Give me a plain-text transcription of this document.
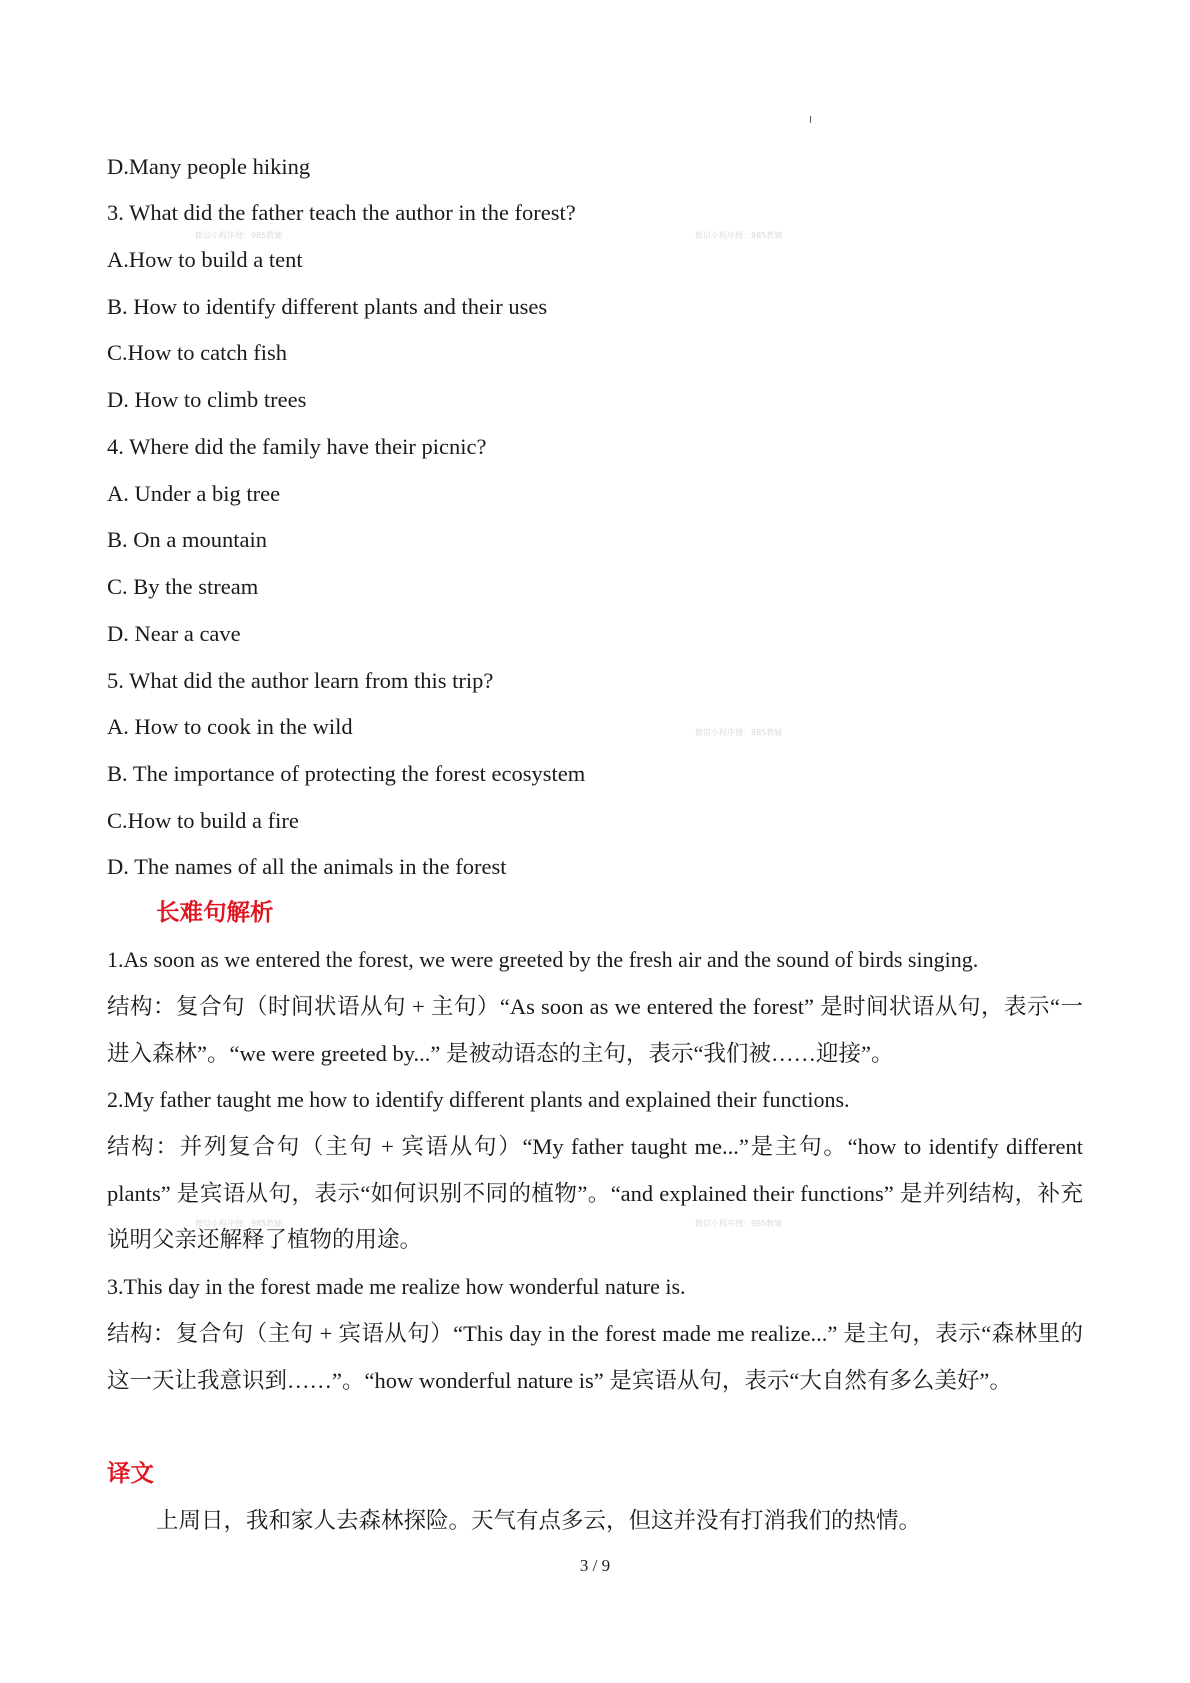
微信小程序搜：985教辅	微信小程序搜：985教辅
微信小程序搜：985教辅
微信小程序搜：985教辅	微信小程序搜：985教辅
D.Many people hiking
3. What did the father teach the author in the forest?
A.How to build a tent
B. How to identify different plants and their uses
C.How to catch fish
D. How to climb trees
4. Where did the family have their picnic?
A. Under a big tree
B. On a mountain
C. By the stream
D. Near a cave
5. What did the author learn from this trip?
A. How to cook in the wild
B. The importance of protecting the forest ecosystem
C.How to build a fire
D. The names of all the animals in the forest
长难句解析
1.As soon as we entered the forest, we were greeted by the fresh air and the sound of birds singing.
结构：复合句（时间状语从句 + 主句）“As soon as we entered the forest” 是时间状语从句，表示“一进入森林”。“we were greeted by...” 是被动语态的主句，表示“我们被……迎接”。
2.My father taught me how to identify different plants and explained their functions.
结构：并列复合句（主句 + 宾语从句）“My father taught me...”是主句。“how to identify different plants” 是宾语从句，表示“如何识别不同的植物”。“and explained their functions” 是并列结构，补充说明父亲还解释了植物的用途。
3.This day in the forest made me realize how wonderful nature is.
结构：复合句（主句 + 宾语从句）“This day in the forest made me realize...” 是主句，表示“森林里的这一天让我意识到……”。“how wonderful nature is” 是宾语从句，表示“大自然有多么美好”。
译文
上周日，我和家人去森林探险。天气有点多云，但这并没有打消我们的热情。
3 / 9
